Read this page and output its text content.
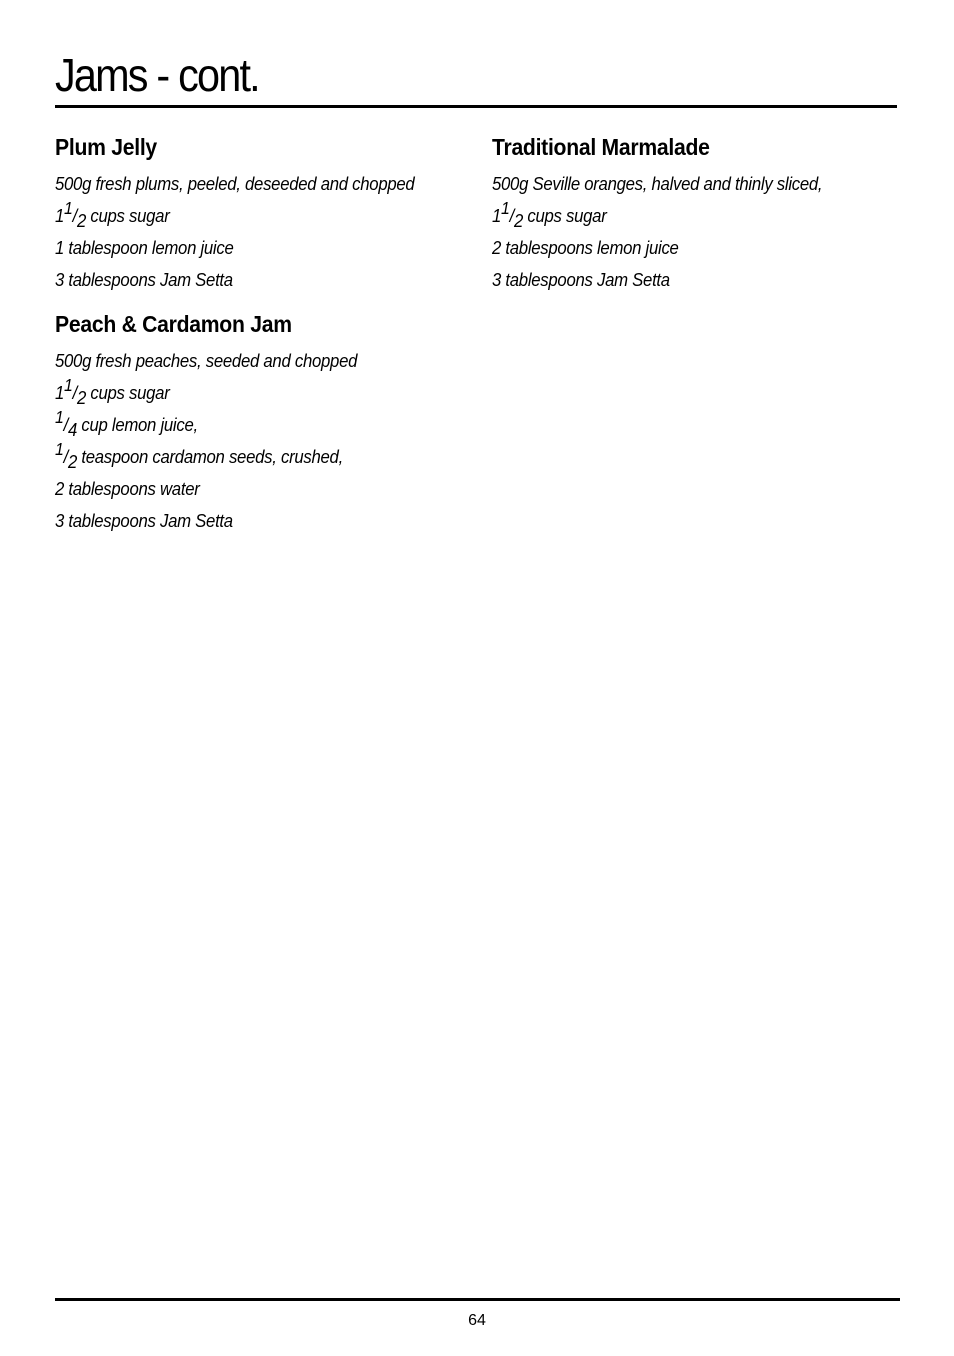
Jams - cont.
Plum Jelly
500g fresh plums, peeled, deseeded and chopped
11/2 cups sugar
1 tablespoon lemon juice
3 tablespoons Jam Setta
Peach & Cardamon Jam
500g fresh peaches, seeded and chopped
11/2 cups sugar
1/4 cup lemon juice,
1/2 teaspoon cardamon seeds, crushed,
2 tablespoons water
3 tablespoons Jam Setta
Traditional Marmalade
500g Seville oranges, halved and thinly sliced,
11/2 cups sugar
2 tablespoons lemon juice
3 tablespoons Jam Setta
64
